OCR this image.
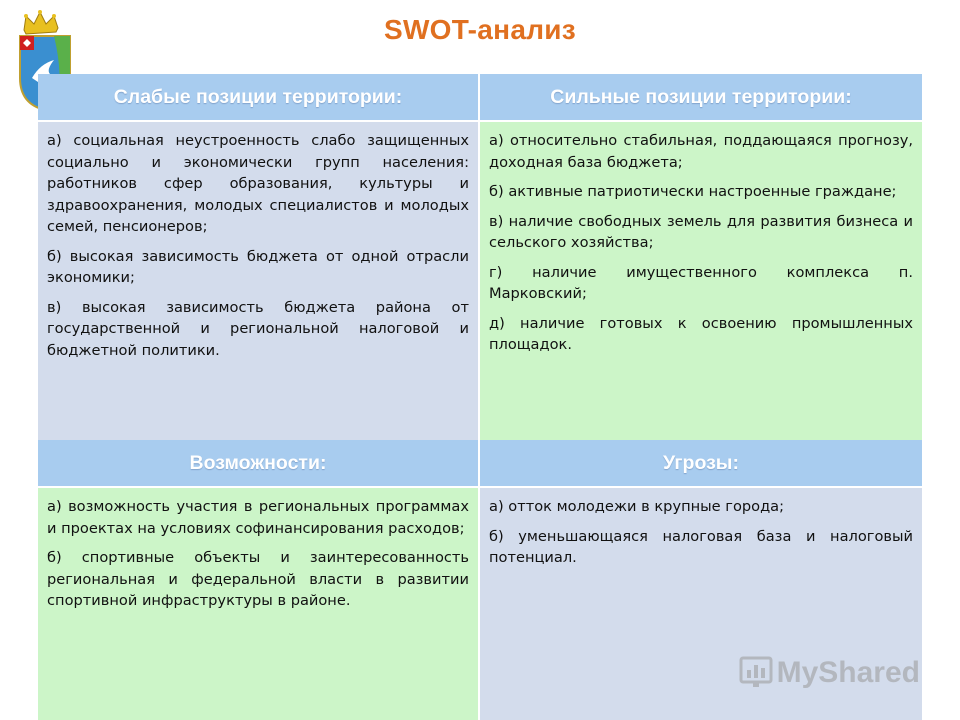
SWOT-анализ
Слабые позиции территории:	Сильные позиции территории:

а) социальная неустроенность слабо защищенных социально и экономически групп населения: работников сфер образования, культуры и здравоохранения, молодых специалистов и молодых семей, пенсионеров;

б) высокая зависимость бюджета от одной отрасли экономики;

в) высокая зависимость бюджета района от государственной и региональной налоговой и бюджетной политики.

а) относительно стабильная, поддающаяся прогнозу, доходная база бюджета;

б) активные патриотически настроенные граждане;

в) наличие свободных земель для развития бизнеса и сельского хозяйства;

г) наличие имущественного комплекса п. Марковский;

д) наличие готовых к освоению промышленных площадок.

Возможности:	Угрозы:

а) возможность участия в региональных программах и проектах на условиях софинансирования расходов;

б) спортивные объекты и заинтересованность региональная и федеральной власти в развитии спортивной инфраструктуры в районе.

а) отток молодежи в крупные города;

б) уменьшающаяся налоговая база и налоговый потенциал.

MyShared
